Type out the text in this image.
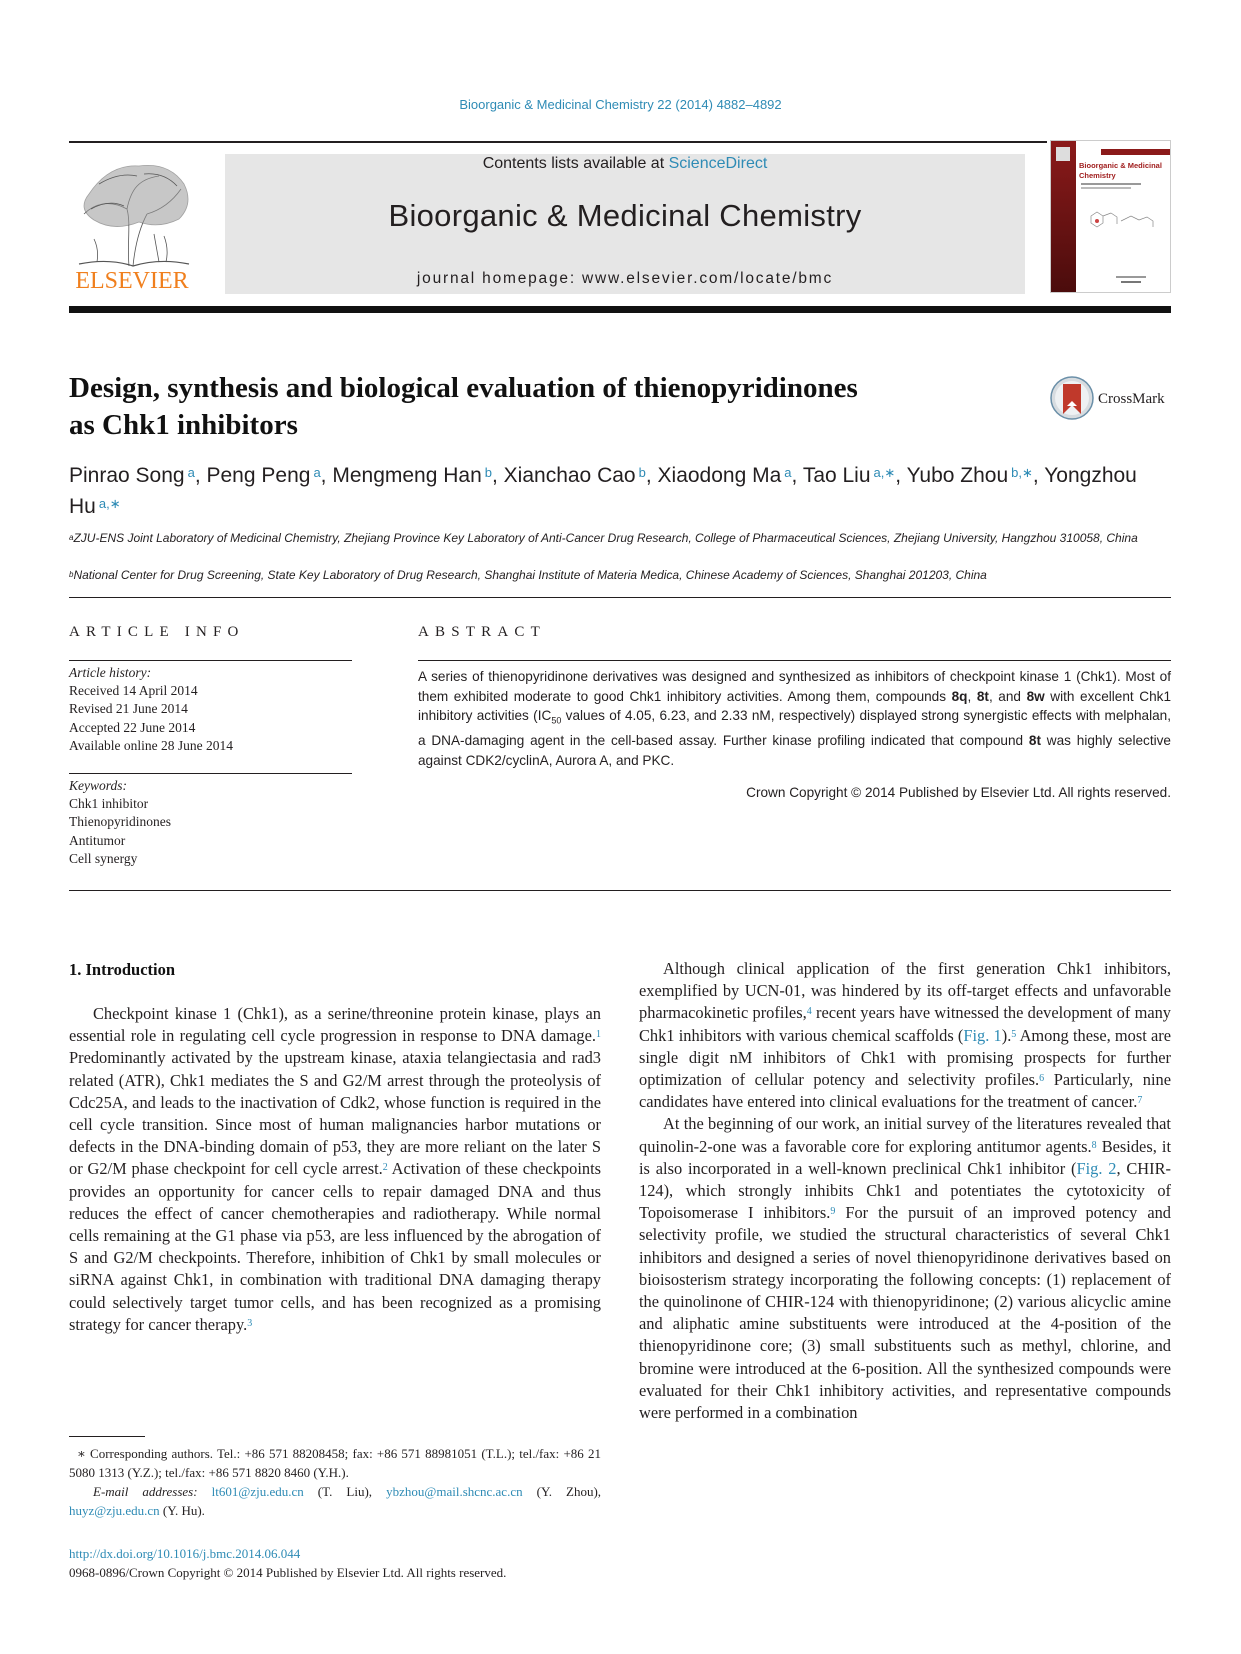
Bioorganic & Medicinal Chemistry 22 (2014) 4882–4892
ELSEVIER
Contents lists available at ScienceDirect
Bioorganic & Medicinal Chemistry
journal homepage: www.elsevier.com/locate/bmc
Bioorganic & Medicinal
Chemistry
Design, synthesis and biological evaluation of thienopyridinones
as Chk1 inhibitors
CrossMark
Pinrao Song $^a$, Peng Peng $^a$, Mengmeng Han $^b$, Xianchao Cao $^b$, Xiaodong Ma $^a$, Tao Liu $^{a,∗}$, Yubo Zhou $^{b,∗}$, Yongzhou Hu $^{a,∗}$
$^a$ZJU-ENS Joint Laboratory of Medicinal Chemistry, Zhejiang Province Key Laboratory of Anti-Cancer Drug Research, College of Pharmaceutical Sciences, Zhejiang University, Hangzhou 310058, China
$^b$National Center for Drug Screening, State Key Laboratory of Drug Research, Shanghai Institute of Materia Medica, Chinese Academy of Sciences, Shanghai 201203, China
ARTICLE INFO
Article history:
Received 14 April 2014
Revised 21 June 2014
Accepted 22 June 2014
Available online 28 June 2014
Keywords:
Chk1 inhibitor
Thienopyridinones
Antitumor
Cell synergy
ABSTRACT
A series of thienopyridinone derivatives was designed and synthesized as inhibitors of checkpoint kinase 1 (Chk1). Most of them exhibited moderate to good Chk1 inhibitory activities. Among them, compounds 8q, 8t, and 8w with excellent Chk1 inhibitory activities ($IC_{50}$ values of 4.05, 6.23, and 2.33 nM, respectively) displayed strong synergistic effects with melphalan, a DNA-damaging agent in the cell-based assay. Further kinase profiling indicated that compound 8t was highly selective against CDK2/cyclinA, Aurora A, and PKC.
Crown Copyright © 2014 Published by Elsevier Ltd. All rights reserved.
1. Introduction

Checkpoint kinase 1 (Chk1), as a serine/threonine protein kinase, plays an essential role in regulating cell cycle progression in response to DNA damage.$^1$ Predominantly activated by the upstream kinase, ataxia telangiectasia and rad3 related (ATR), Chk1 mediates the S and G2/M arrest through the proteolysis of Cdc25A, and leads to the inactivation of Cdk2, whose function is required in the cell cycle transition. Since most of human malignancies harbor mutations or defects in the DNA-binding domain of p53, they are more reliant on the later S or G2/M phase checkpoint for cell cycle arrest.$^2$ Activation of these checkpoints provides an opportunity for cancer cells to repair damaged DNA and thus reduces the effect of cancer chemotherapies and radiotherapy. While normal cells remaining at the G1 phase via p53, are less influenced by the abrogation of S and G2/M checkpoints. Therefore, inhibition of Chk1 by small molecules or siRNA against Chk1, in combination with traditional DNA damaging therapy could selectively target tumor cells, and has been recognized as a promising strategy for cancer therapy.$^3$

Although clinical application of the first generation Chk1 inhibitors, exemplified by UCN-01, was hindered by its off-target effects and unfavorable pharmacokinetic profiles,$^4$ recent years have witnessed the development of many Chk1 inhibitors with various chemical scaffolds (Fig. 1).$^5$ Among these, most are single digit nM inhibitors of Chk1 with promising prospects for further optimization of cellular potency and selectivity profiles.$^6$ Particularly, nine candidates have entered into clinical evaluations for the treatment of cancer.$^7$

At the beginning of our work, an initial survey of the literatures revealed that quinolin-2-one was a favorable core for exploring antitumor agents.$^8$ Besides, it is also incorporated in a well-known preclinical Chk1 inhibitor (Fig. 2, CHIR-124), which strongly inhibits Chk1 and potentiates the cytotoxicity of Topoisomerase I inhibitors.$^9$ For the pursuit of an improved potency and selectivity profile, we studied the structural characteristics of several Chk1 inhibitors and designed a series of novel thienopyridinone derivatives based on bioisosterism strategy incorporating the following concepts: (1) replacement of the quinolinone of CHIR-124 with thienopyridinone; (2) various alicyclic amine and aliphatic amine substituents were introduced at the 4-position of the thienopyridinone core; (3) small substituents such as methyl, chlorine, and bromine were introduced at the 6-position. All the synthesized compounds were evaluated for their Chk1 inhibitory activities, and representative compounds were performed in a combination

∗ Corresponding authors. Tel.: +86 571 88208458; fax: +86 571 88981051 (T.L.); tel./fax: +86 21 5080 1313 (Y.Z.); tel./fax: +86 571 8820 8460 (Y.H.).
E-mail addresses: lt601@zju.edu.cn (T. Liu), ybzhou@mail.shcnc.ac.cn (Y. Zhou), huyz@zju.edu.cn (Y. Hu).
http://dx.doi.org/10.1016/j.bmc.2014.06.044
0968-0896/Crown Copyright © 2014 Published by Elsevier Ltd. All rights reserved.
